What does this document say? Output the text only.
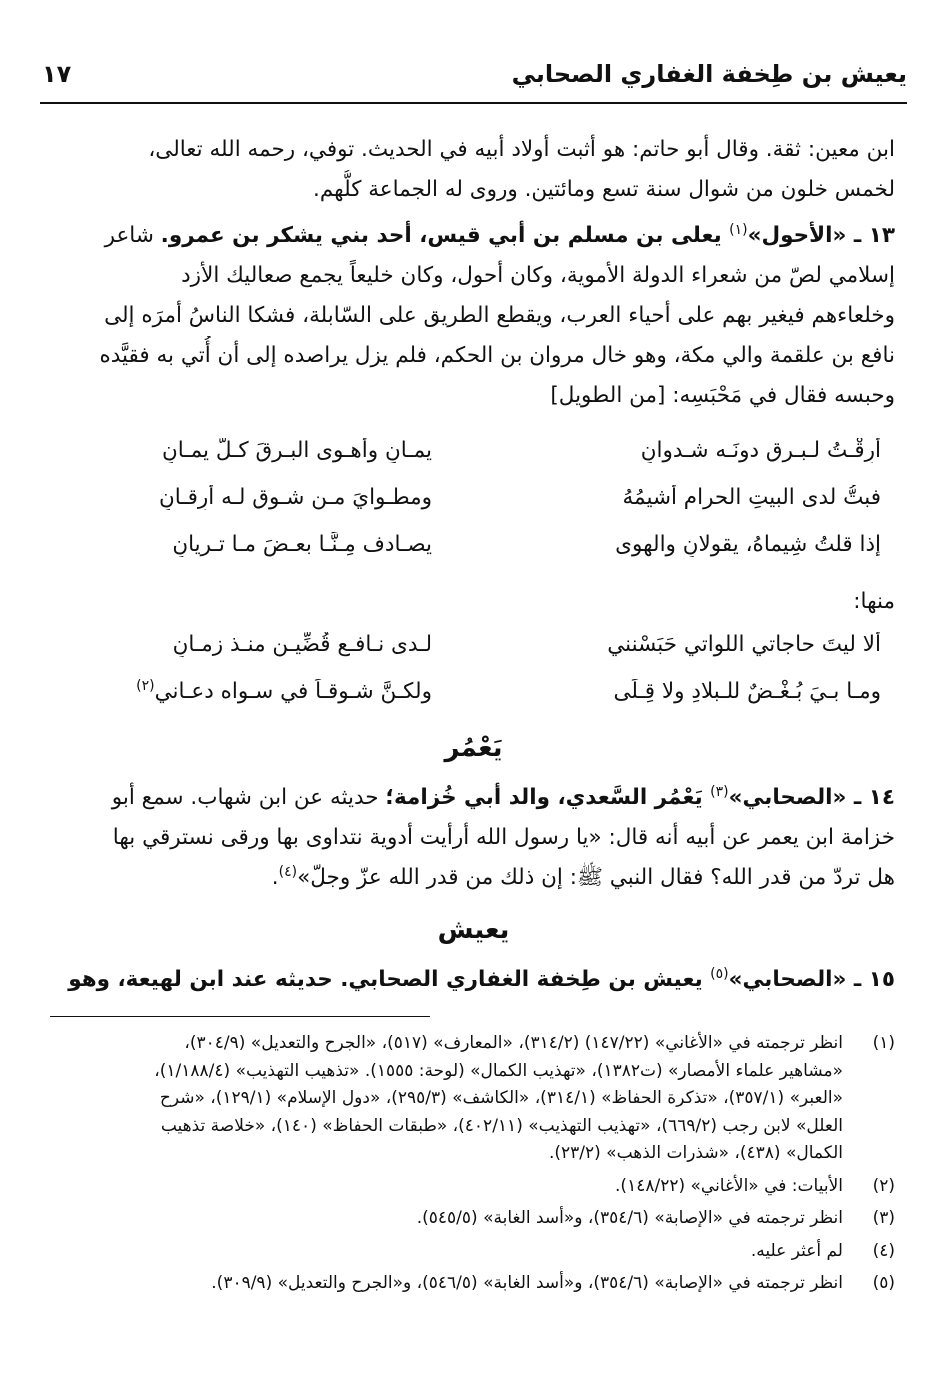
يعيش بن طِخفة الغفاري الصحابي
١٧

ابن معين: ثقة. وقال أبو حاتم: هو أثبت أولاد أبيه في الحديث. توفي، رحمه الله تعالى،
لخمس خلون من شوال سنة تسع ومائتين. وروى له الجماعة كلُّهم.

١٣ ـ «الأحول»$^{(١)}$ يعلى بن مسلم بن أبي قيس، أحد بني يشكر بن عمرو. شاعر
إسلامي لصّ من شعراء الدولة الأموية، وكان أحول، وكان خليعاً يجمع صعاليك الأزد
وخلعاءهم فيغير بهم على أحياء العرب، ويقطع الطريق على السّابلة، فشكا الناسُ أمرَه إلى
نافع بن علقمة والي مكة، وهو خال مروان بن الحكم، فلم يزل يراصده إلى أن أُتي به فقيَّده
وحبسه فقال في مَحْبَسِه: [من الطويل]

أرِقْـتُ لـبـرقٍ دونَـه شـدوانِ
يمـانٍ وأهـوى البـرقَ كـلَّ يمـانِ
فبتُّ لدى البيتِ الحرامِ أشيمُهُ
ومطـوايَ مـن شـوقٍ لـه أرِقـانِ
إذا قلتُ شِيماهُ، يقولانِ والهوى
يصـادف مِـنَّـا بعـضَ مـا تـريانِ
منها:
ألا ليتَ حاجاتي اللواتي حَبَسْنني
لـدى نـافـعٍ قُضِّيـن منـذ زمـانِ
ومـا بـيَ بُـغْـضٌ للـبلادِ ولا قِـلًى
ولكـنَّ شـوقـاً في سـواه دعـاني$^{(٢)}$
يَعْمُر

١٤ ـ «الصحابي»$^{(٣)}$ يَعْمُر السَّعدي، والد أبي خُزامة؛ حديثه عن ابن شهاب. سمع أبو
خزامة ابن يعمر عن أبيه أنه قال: «يا رسول الله أرأيت أدوية نتداوى بها ورقى نسترقي بها
هل تردّ من قدر الله؟ فقال النبي ﷺ: إن ذلك من قدر الله عزّ وجلّ»$^{(٤)}$.

يعيش

١٥ ـ «الصحابي»$^{(٥)}$ يعيش بن طِخفة الغفاري الصحابي. حديثه عند ابن لهيعة، وهو

(١)
انظر ترجمته في «الأغاني» (١٤٧/٢٢) (٣١٤/٢)، «المعارف» (٥١٧)، «الجرح والتعديل» (٣٠٤/٩)،
«مشاهير علماء الأمصار» (ت١٣٨٢)، «تهذيب الكمال» (لوحة: ١٥٥٥). «تذهيب التهذيب» (١/١٨٨/٤)،
«العبر» (٣٥٧/١)، «تذكرة الحفاظ» (٣١٤/١)، «الكاشف» (٢٩٥/٣)، «دول الإسلام» (١٢٩/١)، «شرح
العلل» لابن رجب (٦٦٩/٢)، «تهذيب التهذيب» (٤٠٢/١١)، «طبقات الحفاظ» (١٤٠)، «خلاصة تذهيب
الكمال» (٤٣٨)، «شذرات الذهب» (٢٣/٢).
(٢)
الأبيات: في «الأغاني» (١٤٨/٢٢).
(٣)
انظر ترجمته في «الإصابة» (٣٥٤/٦)، و«أسد الغابة» (٥٤٥/٥).
(٤)
لم أعثر عليه.
(٥)
انظر ترجمته في «الإصابة» (٣٥٤/٦)، و«أسد الغابة» (٥٤٦/٥)، و«الجرح والتعديل» (٣٠٩/٩).
